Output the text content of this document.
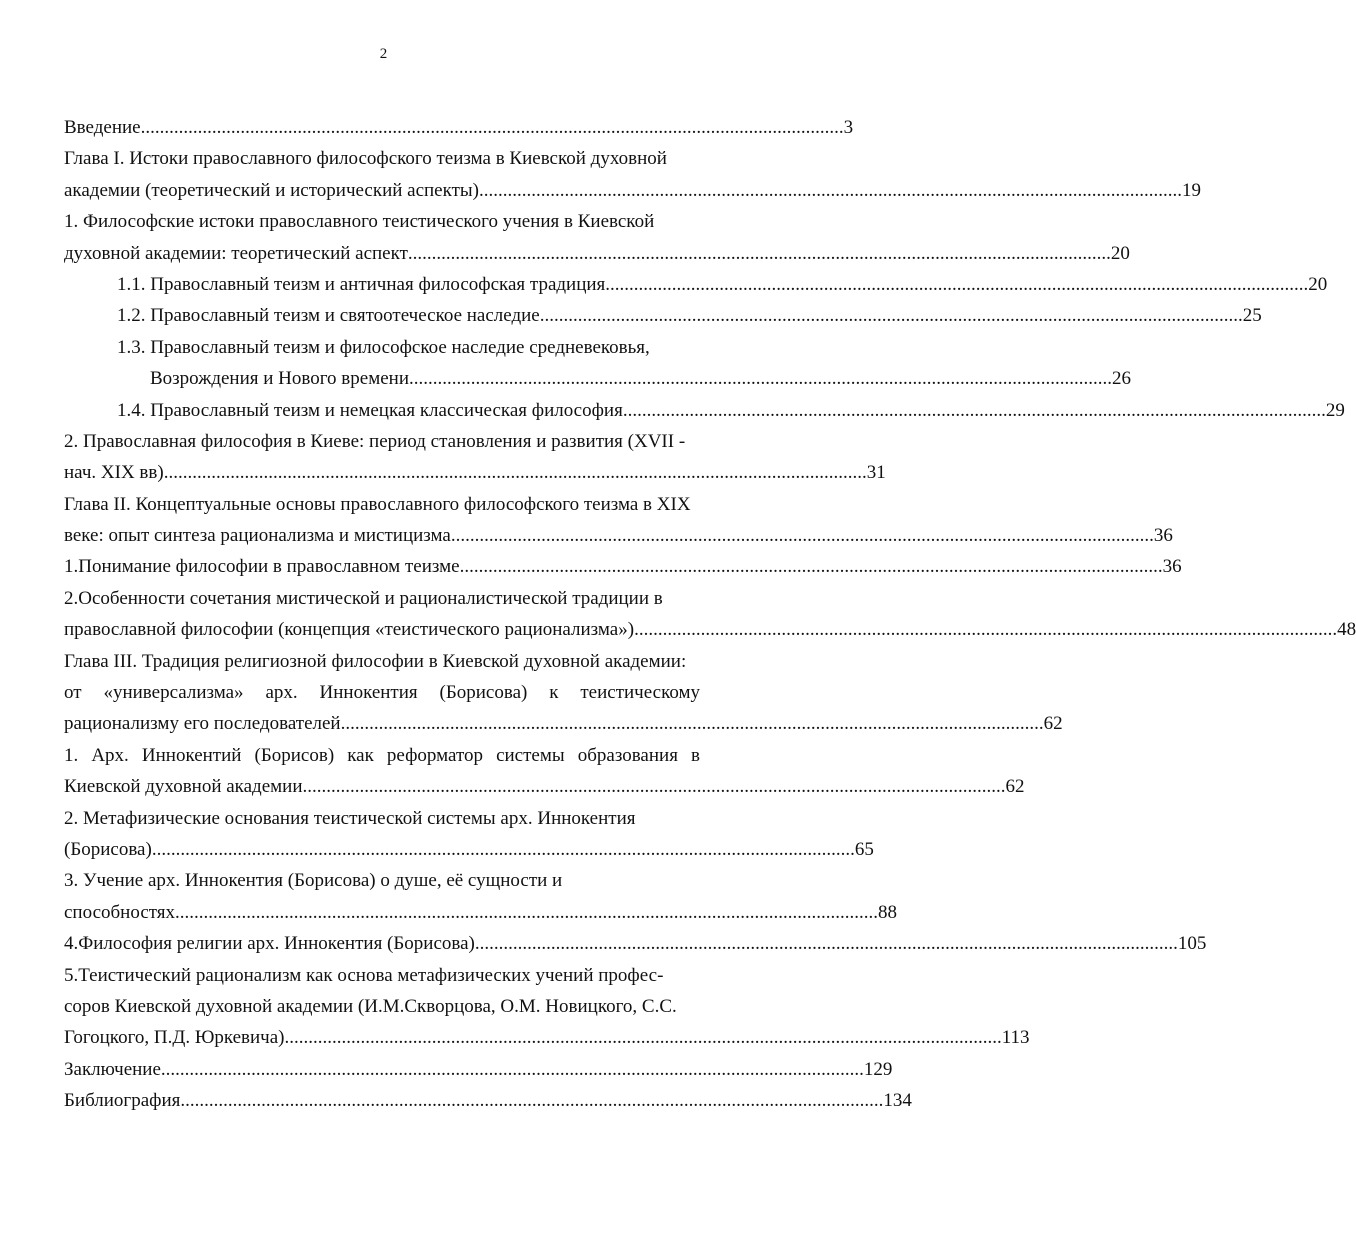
2
Введение .................................................................................................................................................... 3
Глава I. Истоки православного философского теизма в Киевской духовной
академии (теоретический и исторический аспекты) .................................................................................................................................................... 19
1. Философские истоки православного теистического учения в Киевской
духовной академии: теоретический аспект .................................................................................................................................................... 20
1.1. Православный теизм и античная философская традиция .................................................................................................................................................... 20
1.2. Православный теизм и святоотеческое наследие .................................................................................................................................................... 25
1.3. Православный теизм и философское наследие средневековья,
Возрождения и Нового времени .................................................................................................................................................... 26
1.4. Православный теизм и немецкая классическая философия .................................................................................................................................................... 29
2. Православная философия в Киеве: период становления и развития (XVII -
нач. XIX вв) .................................................................................................................................................... 31
Глава II. Концептуальные основы православного философского теизма в XIX
веке: опыт синтеза рационализма и мистицизма .................................................................................................................................................... 36
1.Понимание философии в православном теизме .................................................................................................................................................... 36
2.Особенности сочетания мистической и рационалистической традиции в
православной философии (концепция «теистического рационализма») .................................................................................................................................................... 48
Глава III. Традиция религиозной философии в Киевской духовной академии:
от «универсализма» арх. Иннокентия (Борисова) к теистическому
рационализму его последователей .................................................................................................................................................... 62
1. Арх. Иннокентий (Борисов) как реформатор системы образования в
Киевской духовной академии .................................................................................................................................................... 62
2. Метафизические основания теистической системы арх. Иннокентия
(Борисова) .................................................................................................................................................... 65
3. Учение арх. Иннокентия (Борисова) о душе, её сущности и
способностях .................................................................................................................................................... 88
4.Философия религии арх. Иннокентия (Борисова) .................................................................................................................................................... 105
5.Теистический рационализм как основа метафизических учений профес-
соров Киевской духовной академии (И.М.Скворцова, О.М. Новицкого, С.С.
Гогоцкого, П.Д. Юркевича)... .................................................................................................................................................... 113
Заключение .................................................................................................................................................... 129
Библиография .................................................................................................................................................... 134
